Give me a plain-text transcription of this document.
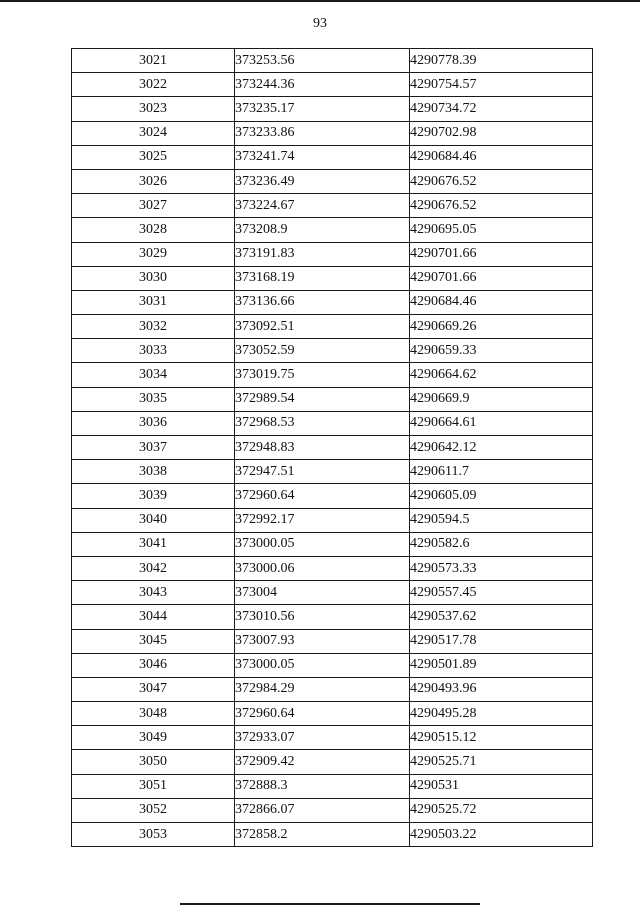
93
3021	373253.56	4290778.39
3022	373244.36	4290754.57
3023	373235.17	4290734.72
3024	373233.86	4290702.98
3025	373241.74	4290684.46
3026	373236.49	4290676.52
3027	373224.67	4290676.52
3028	373208.9	4290695.05
3029	373191.83	4290701.66
3030	373168.19	4290701.66
3031	373136.66	4290684.46
3032	373092.51	4290669.26
3033	373052.59	4290659.33
3034	373019.75	4290664.62
3035	372989.54	4290669.9
3036	372968.53	4290664.61
3037	372948.83	4290642.12
3038	372947.51	4290611.7
3039	372960.64	4290605.09
3040	372992.17	4290594.5
3041	373000.05	4290582.6
3042	373000.06	4290573.33
3043	373004	4290557.45
3044	373010.56	4290537.62
3045	373007.93	4290517.78
3046	373000.05	4290501.89
3047	372984.29	4290493.96
3048	372960.64	4290495.28
3049	372933.07	4290515.12
3050	372909.42	4290525.71
3051	372888.3	4290531
3052	372866.07	4290525.72
3053	372858.2	4290503.22
